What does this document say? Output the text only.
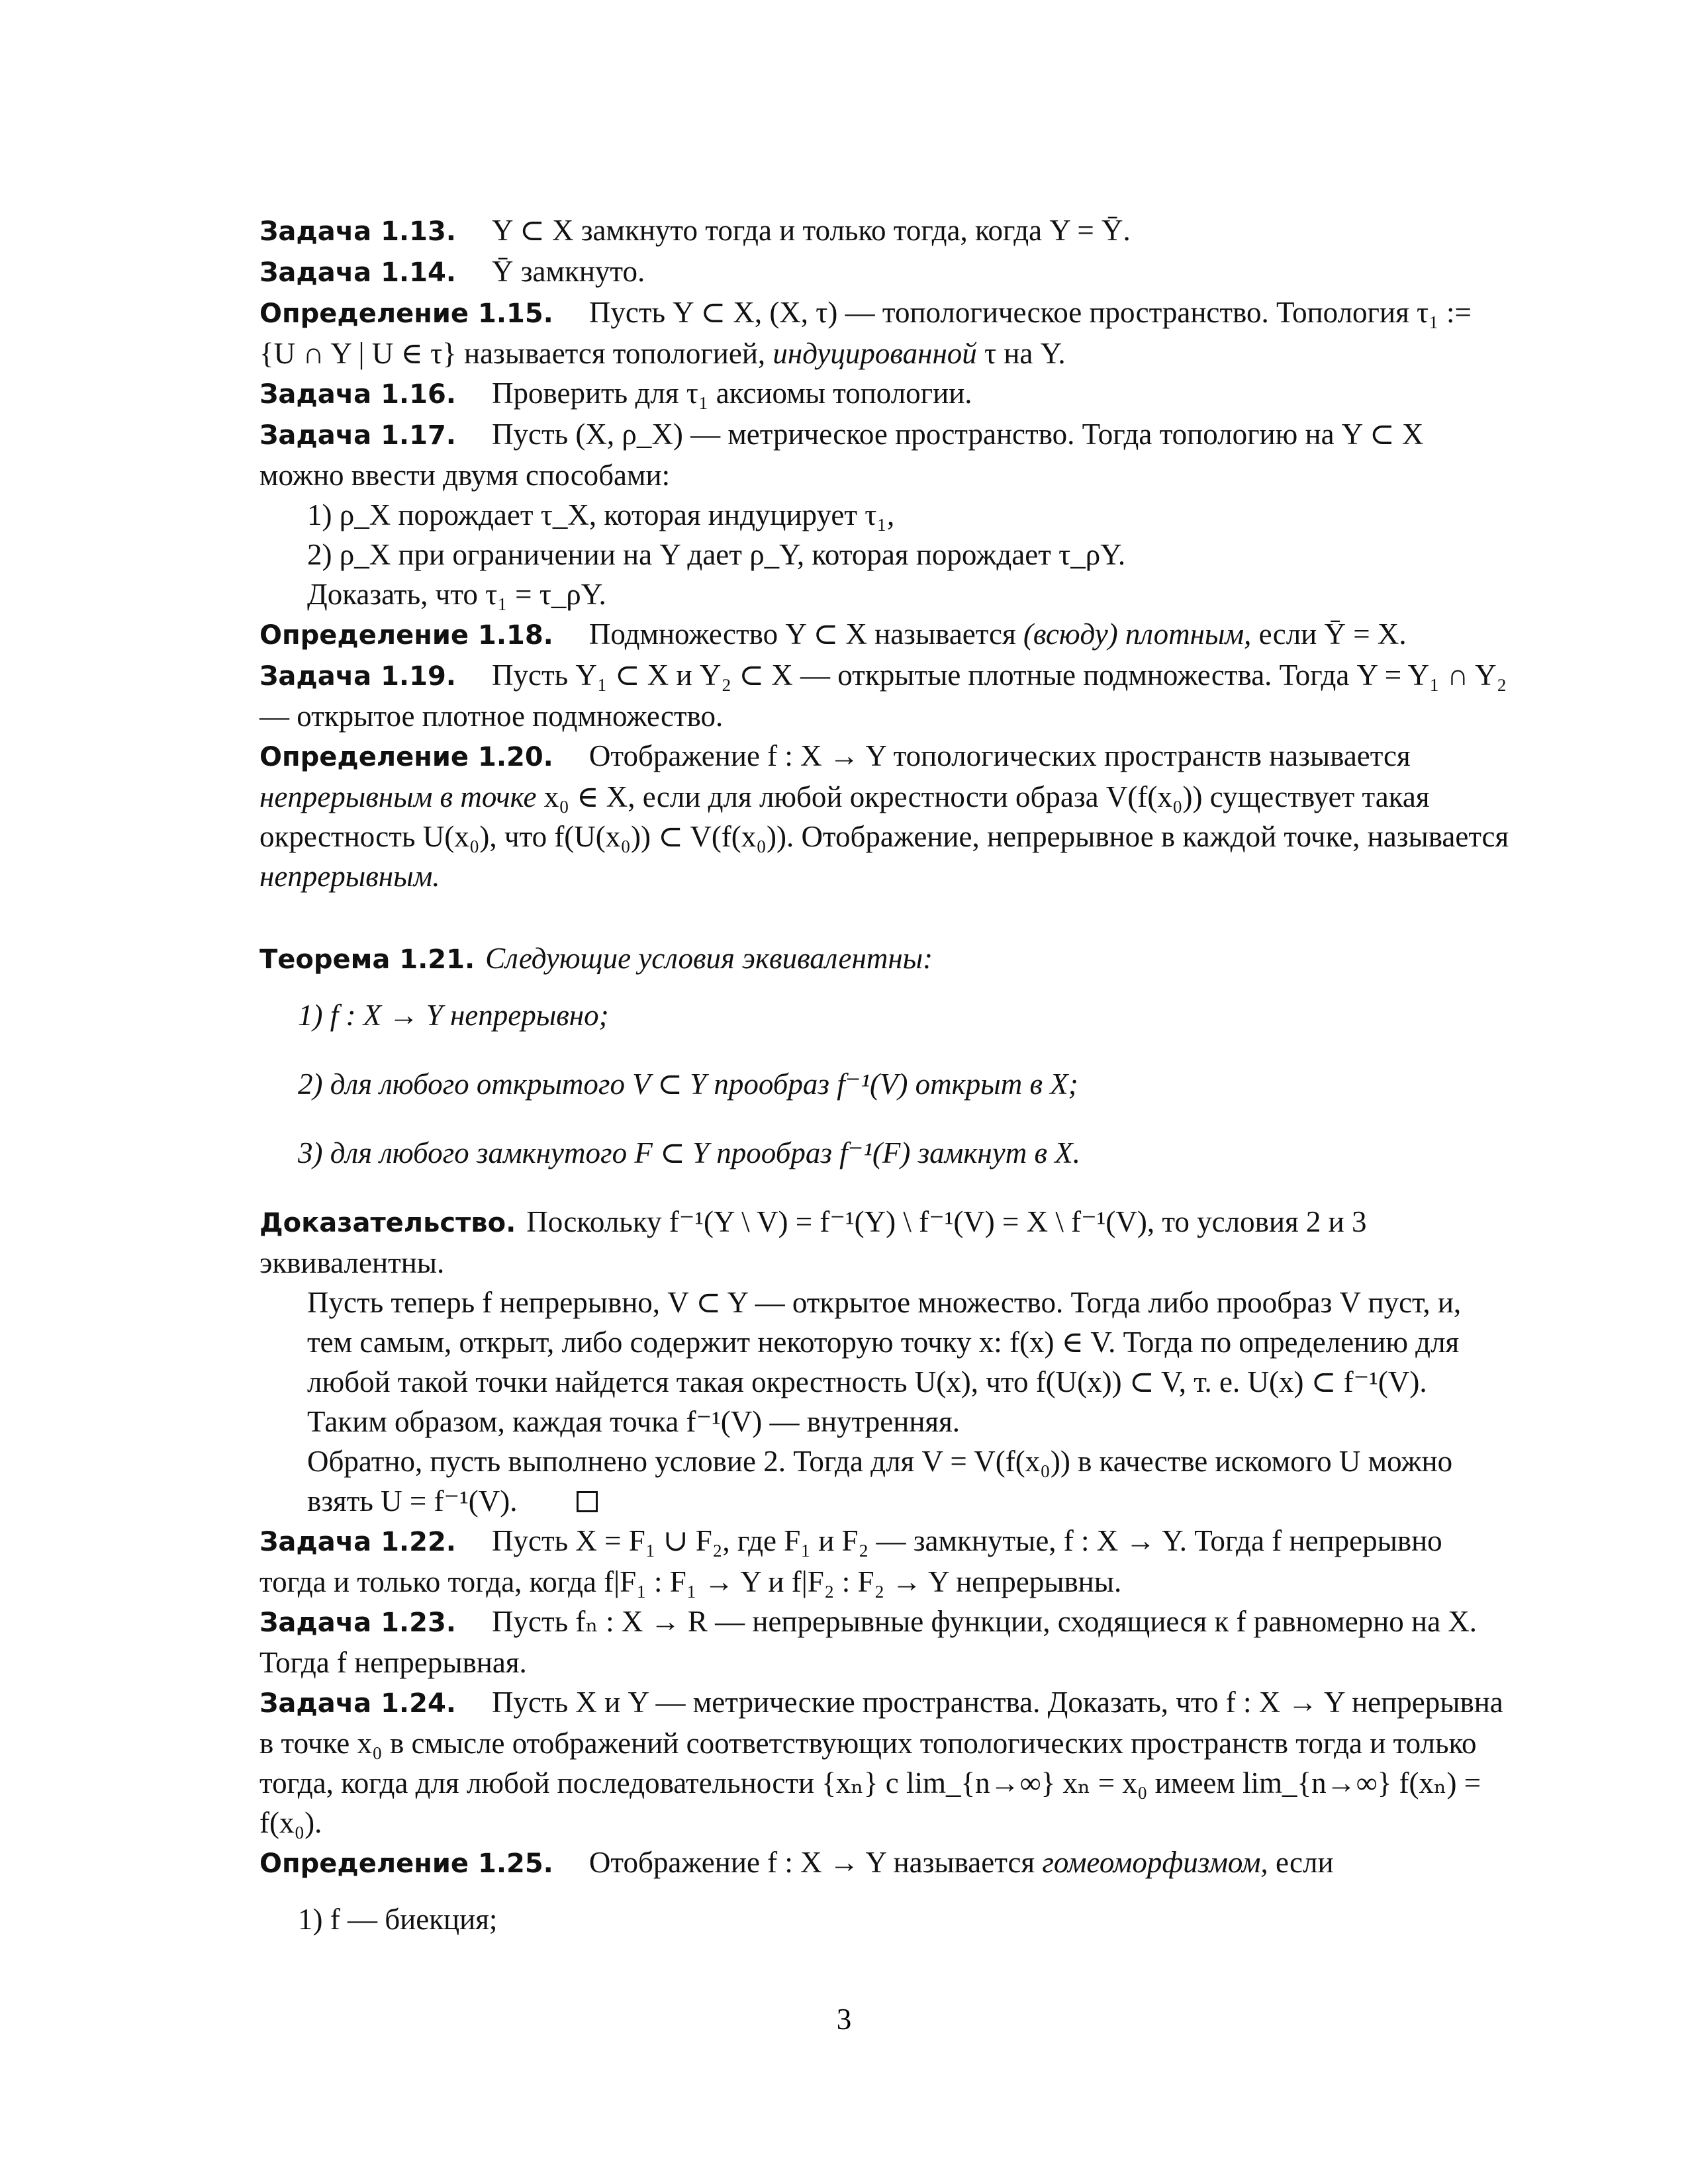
Задача 1.13. Y ⊂ X замкнуто тогда и только тогда, когда Y = Ȳ.

Задача 1.14. Ȳ замкнуто.

Определение 1.15. Пусть Y ⊂ X, (X, τ) — топологическое пространство. Топология τ₁ := {U ∩ Y | U ∈ τ} называется топологией, индуцированной τ на Y.

Задача 1.16. Проверить для τ₁ аксиомы топологии.

Задача 1.17. Пусть (X, ρ_X) — метрическое пространство. Тогда топологию на Y ⊂ X можно ввести двумя способами:

1) ρ_X порождает τ_X, которая индуцирует τ₁,

2) ρ_X при ограничении на Y дает ρ_Y, которая порождает τ_ρY.

Доказать, что τ₁ = τ_ρY.

Определение 1.18. Подмножество Y ⊂ X называется (всюду) плотным, если Ȳ = X.

Задача 1.19. Пусть Y₁ ⊂ X и Y₂ ⊂ X — открытые плотные подмножества. Тогда Y = Y₁ ∩ Y₂ — открытое плотное подмножество.

Определение 1.20. Отображение f : X → Y топологических пространств называется непрерывным в точке x₀ ∈ X, если для любой окрестности образа V(f(x₀)) существует такая окрестность U(x₀), что f(U(x₀)) ⊂ V(f(x₀)). Отображение, непрерывное в каждой точке, называется непрерывным.

Теорема 1.21. Следующие условия эквивалентны:

1) f : X → Y непрерывно;

2) для любого открытого V ⊂ Y прообраз f⁻¹(V) открыт в X;

3) для любого замкнутого F ⊂ Y прообраз f⁻¹(F) замкнут в X.

Доказательство. Поскольку f⁻¹(Y \ V) = f⁻¹(Y) \ f⁻¹(V) = X \ f⁻¹(V), то условия 2 и 3 эквивалентны.

Пусть теперь f непрерывно, V ⊂ Y — открытое множество. Тогда либо прообраз V пуст, и, тем самым, открыт, либо содержит некоторую точку x: f(x) ∈ V. Тогда по определению для любой такой точки найдется такая окрестность U(x), что f(U(x)) ⊂ V, т. е. U(x) ⊂ f⁻¹(V). Таким образом, каждая точка f⁻¹(V) — внутренняя.

Обратно, пусть выполнено условие 2. Тогда для V = V(f(x₀)) в качестве искомого U можно взять U = f⁻¹(V).

Задача 1.22. Пусть X = F₁ ∪ F₂, где F₁ и F₂ — замкнутые, f : X → Y. Тогда f непрерывно тогда и только тогда, когда f|F₁ : F₁ → Y и f|F₂ : F₂ → Y непрерывны.

Задача 1.23. Пусть fₙ : X → R — непрерывные функции, сходящиеся к f равномерно на X. Тогда f непрерывная.

Задача 1.24. Пусть X и Y — метрические пространства. Доказать, что f : X → Y непрерывна в точке x₀ в смысле отображений соответствующих топологических пространств тогда и только тогда, когда для любой последовательности {xₙ} с lim_{n→∞} xₙ = x₀ имеем lim_{n→∞} f(xₙ) = f(x₀).

Определение 1.25. Отображение f : X → Y называется гомеоморфизмом, если

1) f — биекция;

3
